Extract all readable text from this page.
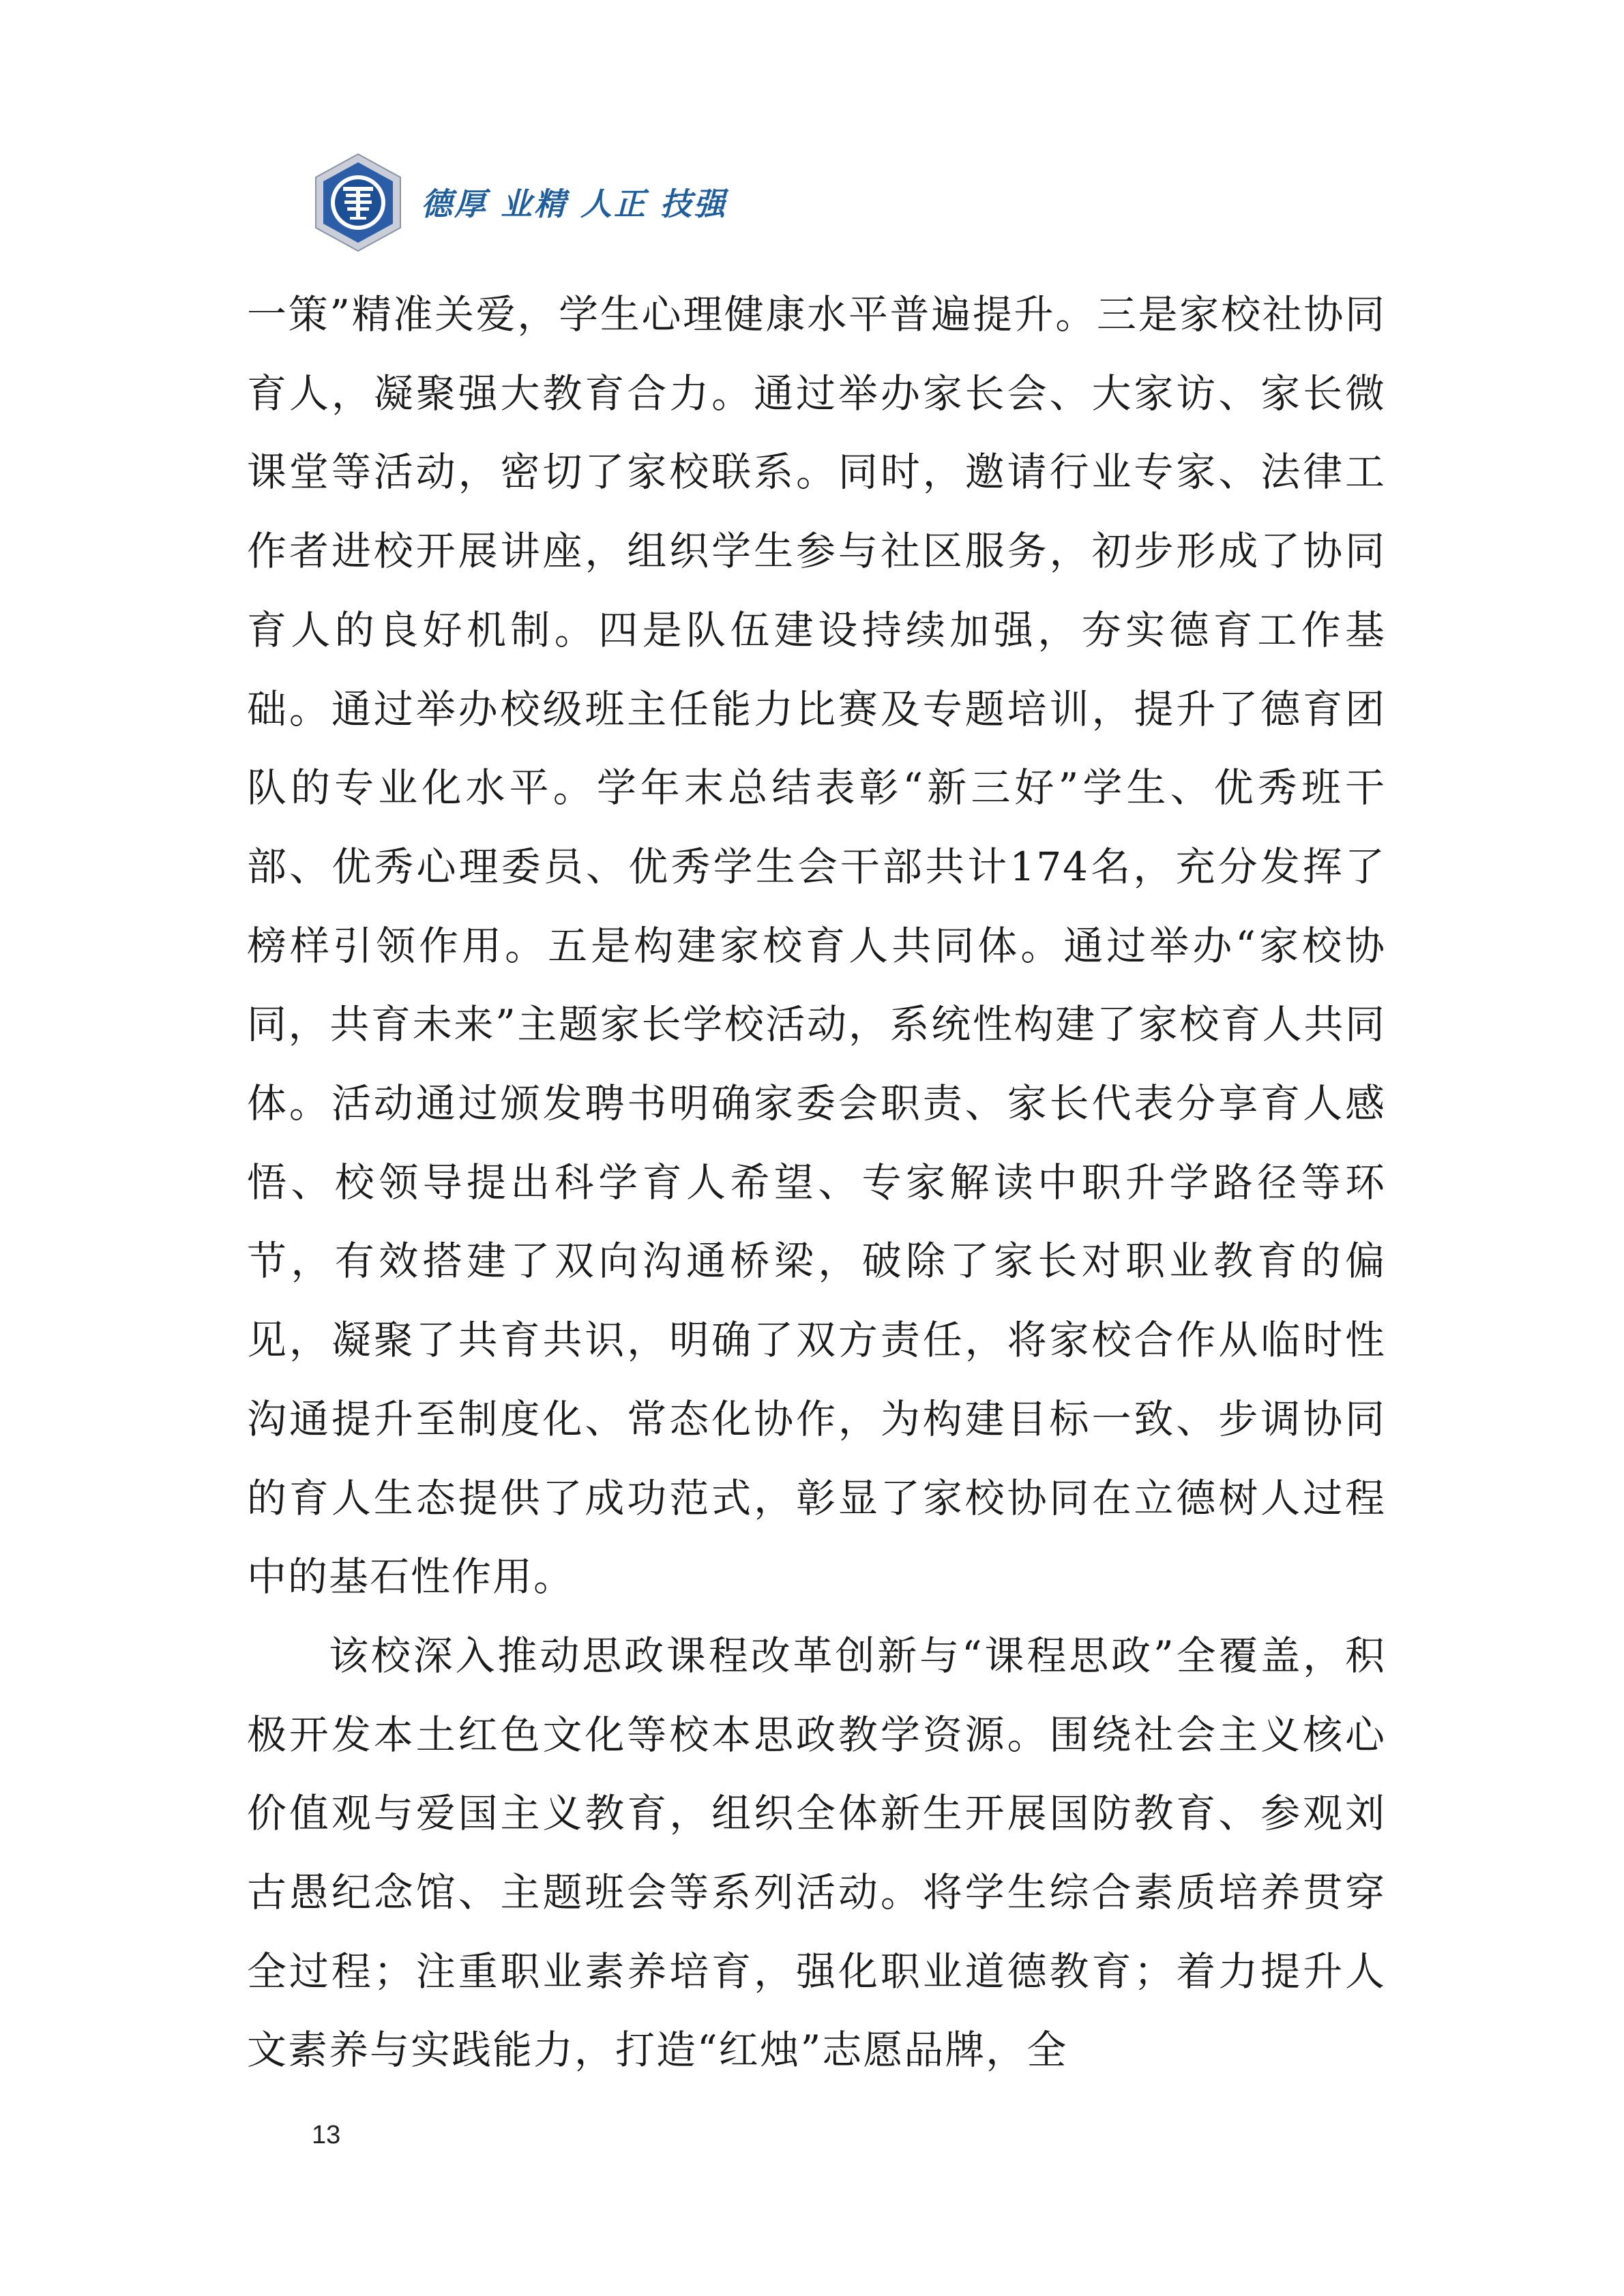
德厚 业精 人正 技强

一策”精准关爱，学生心理健康水平普遍提升。三是家校社协同育人，凝聚强大教育合力。通过举办家长会、大家访、家长微课堂等活动，密切了家校联系。同时，邀请行业专家、法律工作者进校开展讲座，组织学生参与社区服务，初步形成了协同育人的良好机制。四是队伍建设持续加强，夯实德育工作基础。通过举办校级班主任能力比赛及专题培训，提升了德育团队的专业化水平。学年末总结表彰“新三好”学生、优秀班干部、优秀心理委员、优秀学生会干部共计174名，充分发挥了榜样引领作用。五是构建家校育人共同体。通过举办“家校协同，共育未来”主题家长学校活动，系统性构建了家校育人共同体。活动通过颁发聘书明确家委会职责、家长代表分享育人感悟、校领导提出科学育人希望、专家解读中职升学路径等环节，有效搭建了双向沟通桥梁，破除了家长对职业教育的偏见，凝聚了共育共识，明确了双方责任，将家校合作从临时性沟通提升至制度化、常态化协作，为构建目标一致、步调协同的育人生态提供了成功范式，彰显了家校协同在立德树人过程中的基石性作用。

该校深入推动思政课程改革创新与“课程思政”全覆盖，积极开发本土红色文化等校本思政教学资源。围绕社会主义核心价值观与爱国主义教育，组织全体新生开展国防教育、参观刘古愚纪念馆、主题班会等系列活动。将学生综合素质培养贯穿全过程；注重职业素养培育，强化职业道德教育；着力提升人文素养与实践能力，打造“红烛”志愿品牌，全

13
